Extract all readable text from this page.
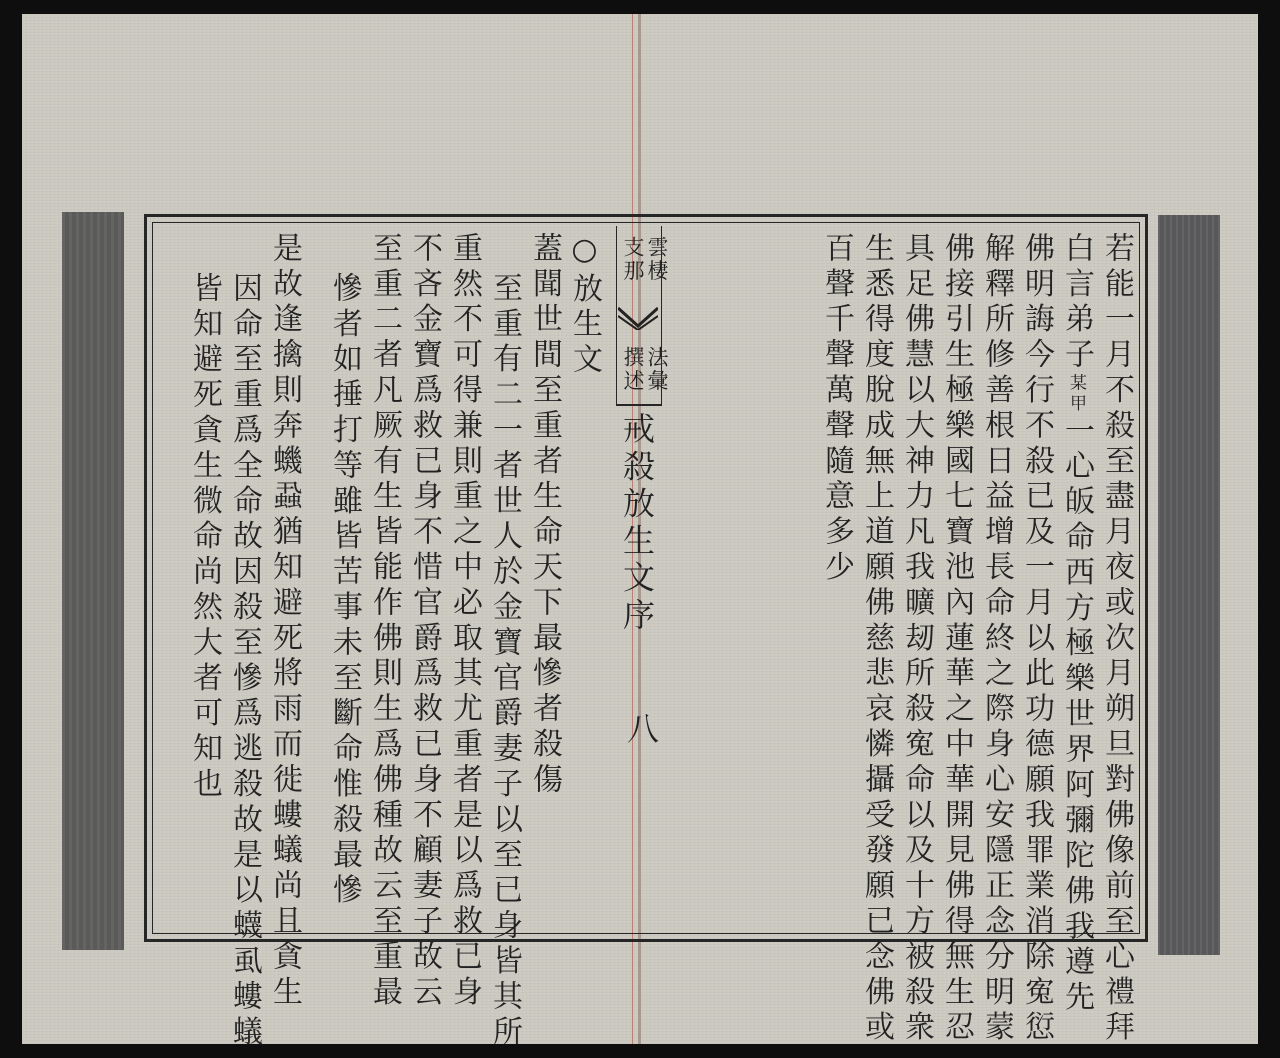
雲棲
支那
法彙
撰述
戒殺放生文序
八	若能一月不殺至盡月夜或次月朔旦對佛像前至心禮拜
白言弟子某甲一心皈命西方極樂世界阿彌陀佛我遵先
佛明誨今行不殺已及一月以此功德願我罪業消除寃愆
解釋所修善根日益增長命終之際身心安隱正念分明蒙
佛接引生極樂國七寶池內蓮華之中華開見佛得無生忍
具足佛慧以大神力凡我曠刼所殺寃命以及十方被殺衆
生悉得度脫成無上道願佛慈悲哀憐攝受發願已念佛或
百聲千聲萬聲隨意多少
○放生文
蓋聞世間至重者生命天下最慘者殺傷
至重有二一者世人於金寶官爵妻子以至已身皆其所
重然不可得兼則重之中必取其尤重者是以爲救已身
不吝金寶爲救已身不惜官爵爲救已身不顧妻子故云
至重二者凡厥有生皆能作佛則生爲佛種故云至重最
慘者如捶打等雖皆苦事未至斷命惟殺最慘
是故逢擒則奔蟣蝨猶知避死將雨而徙螻蟻尚且貪生
因命至重爲全命故因殺至慘爲逃殺故是以蠛虱螻蟻
皆知避死貪生微命尚然大者可知也
